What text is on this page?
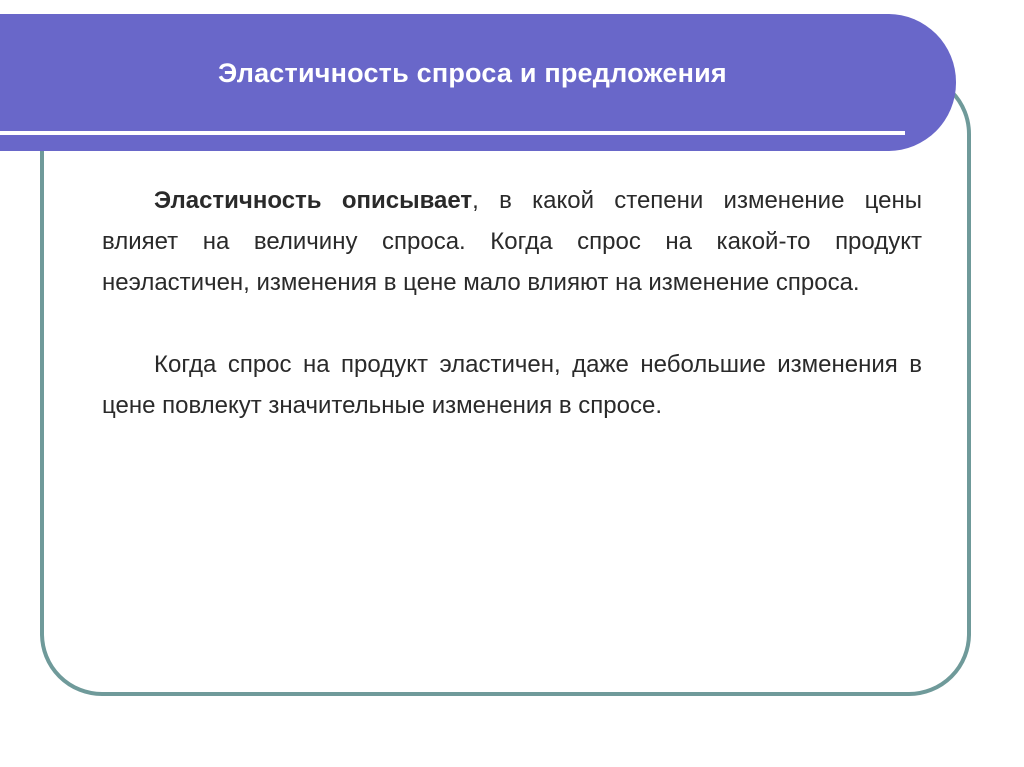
Эластичность спроса и предложения

Эластичность описывает, в какой степени изменение цены влияет на величину спроса. Когда спрос на какой-то продукт неэластичен, изменения в цене мало влияют на изменение спроса.

Когда спрос на продукт эластичен, даже небольшие изменения в цене повлекут значительные изменения в спросе.
